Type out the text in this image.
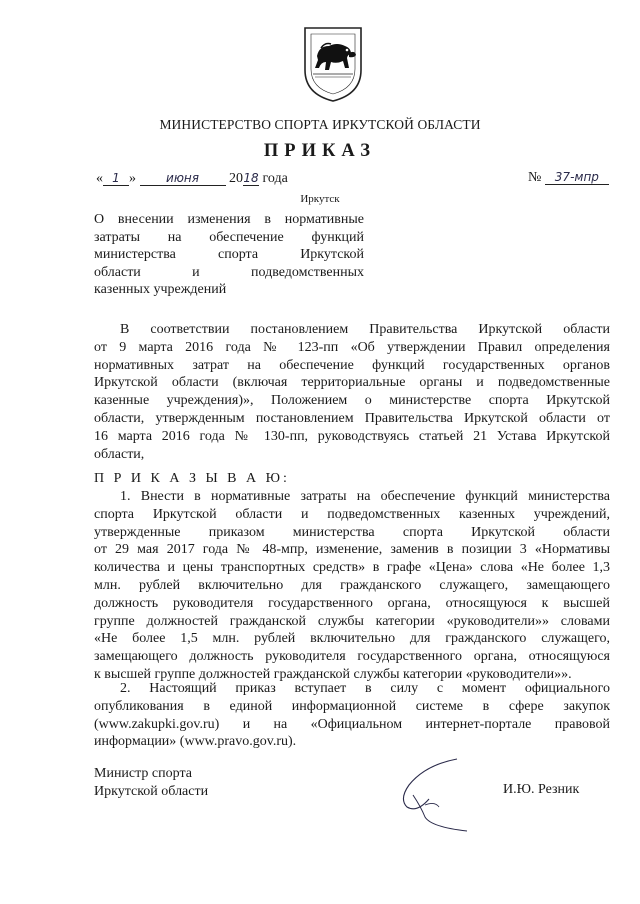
МИНИСТЕРСТВО СПОРТА ИРКУТСКОЙ ОБЛАСТИ
ПРИКАЗ
« 1 »	июня 2018 года	№ 37-мпр
Иркутск
О внесении изменения в нормативные
затраты на обеспечение функций
министерства спорта Иркутской
области и подведомственных
казенных учреждений
В соответствии постановлением Правительства Иркутской области
от 9 марта 2016 года № 123-пп «Об утверждении Правил определения
нормативных затрат на обеспечение функций государственных органов
Иркутской области (включая территориальные органы и подведомственные
казенные учреждения)», Положением о министерстве спорта Иркутской
области, утвержденным постановлением Правительства Иркутской области от
16 марта 2016 года № 130-пп, руководствуясь статьей 21 Устава Иркутской
области,
П Р И К А З Ы В А Ю:
1. Внести в нормативные затраты на обеспечение функций министерства
спорта Иркутской области и подведомственных казенных учреждений,
утвержденные приказом министерства спорта Иркутской области
от 29 мая 2017 года № 48-мпр, изменение, заменив в позиции 3 «Нормативы
количества и цены транспортных средств» в графе «Цена» слова «Не более 1,3
млн. рублей включительно для гражданского служащего, замещающего
должность руководителя государственного органа, относящуюся к высшей
группе должностей гражданской службы категории «руководители»» словами
«Не более 1,5 млн. рублей включительно для гражданского служащего,
замещающего должность руководителя государственного органа, относящуюся
к высшей группе должностей гражданской службы категории «руководители»».
2. Настоящий приказ вступает в силу с момент официального
опубликования в единой информационной системе в сфере закупок
(www.zakupki.gov.ru) и на «Официальном интернет-портале правовой
информации» (www.pravo.gov.ru).
Министр спорта
Иркутской области	И.Ю. Резник
